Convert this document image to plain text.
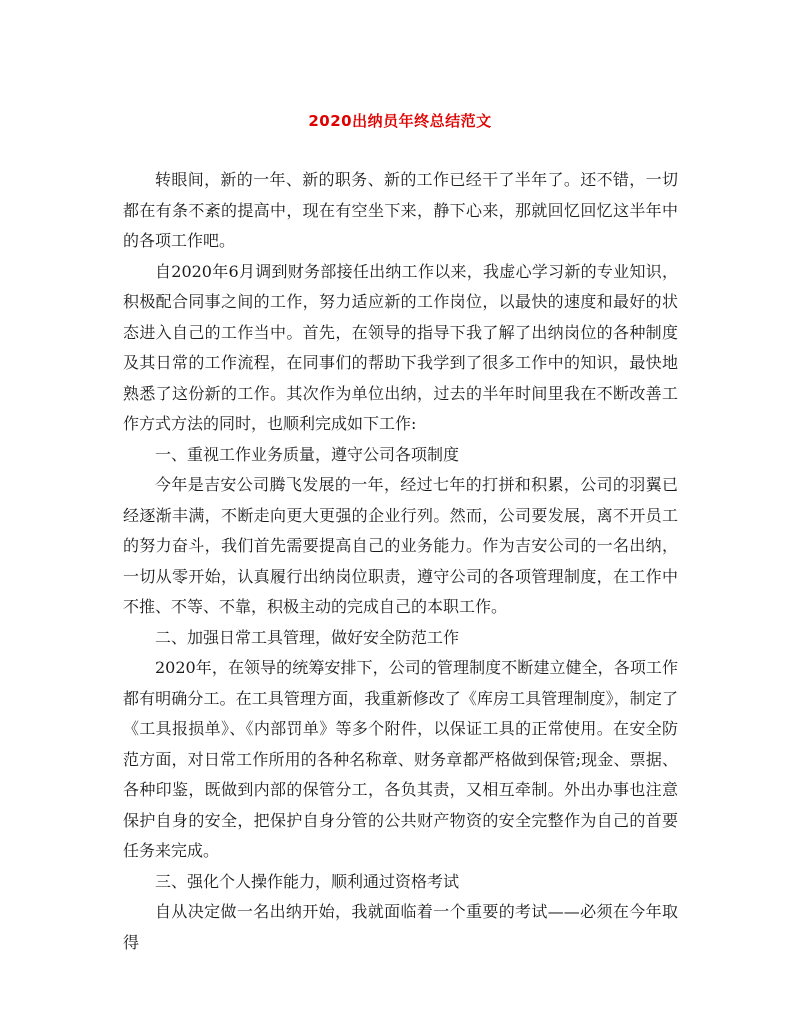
2020出纳员年终总结范文

转眼间，新的一年、新的职务、新的工作已经干了半年了。还不错，一切都在有条不紊的提高中，现在有空坐下来，静下心来，那就回忆回忆这半年中的各项工作吧。

自2020年6月调到财务部接任出纳工作以来，我虚心学习新的专业知识，积极配合同事之间的工作，努力适应新的工作岗位，以最快的速度和最好的状态进入自己的工作当中。首先，在领导的指导下我了解了出纳岗位的各种制度及其日常的工作流程，在同事们的帮助下我学到了很多工作中的知识，最快地熟悉了这份新的工作。其次作为单位出纳，过去的半年时间里我在不断改善工作方式方法的同时，也顺利完成如下工作:

一、重视工作业务质量，遵守公司各项制度

今年是吉安公司腾飞发展的一年，经过七年的打拼和积累，公司的羽翼已经逐渐丰满，不断走向更大更强的企业行列。然而，公司要发展，离不开员工的努力奋斗，我们首先需要提高自己的业务能力。作为吉安公司的一名出纳，一切从零开始，认真履行出纳岗位职责，遵守公司的各项管理制度，在工作中不推、不等、不靠，积极主动的完成自己的本职工作。

二、加强日常工具管理，做好安全防范工作

2020年，在领导的统筹安排下，公司的管理制度不断建立健全，各项工作都有明确分工。在工具管理方面，我重新修改了《库房工具管理制度》，制定了《工具报损单》、《内部罚单》等多个附件，以保证工具的正常使用。在安全防范方面，对日常工作所用的各种名称章、财务章都严格做到保管;现金、票据、各种印鉴，既做到内部的保管分工，各负其责，又相互牵制。外出办事也注意保护自身的安全，把保护自身分管的公共财产物资的安全完整作为自己的首要任务来完成。

三、强化个人操作能力，顺利通过资格考试

自从决定做一名出纳开始，我就面临着一个重要的考试——必须在今年取得
